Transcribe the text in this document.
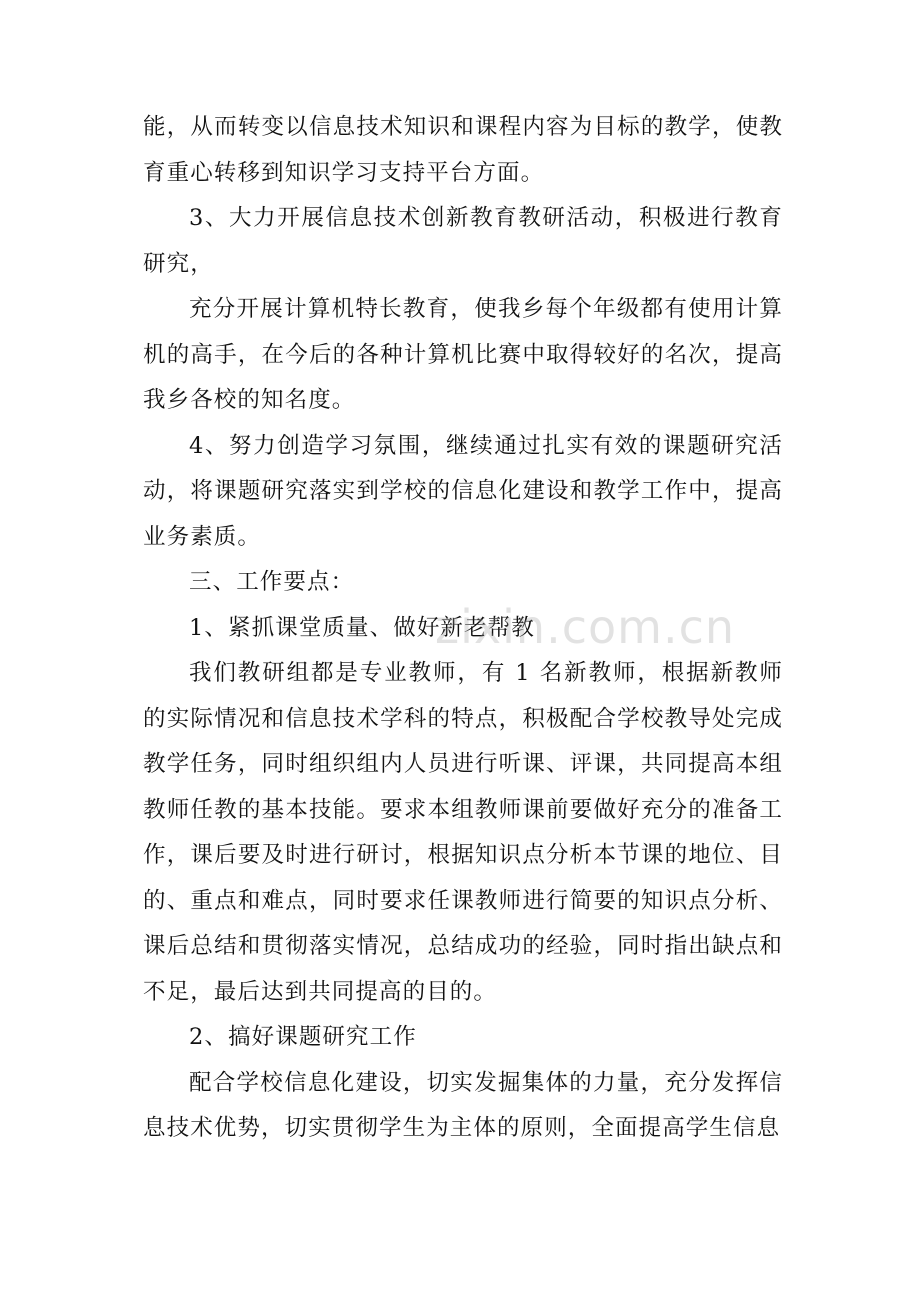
能，从而转变以信息技术知识和课程内容为目标的教学，使教育重心转移到知识学习支持平台方面。

3、大力开展信息技术创新教育教研活动，积极进行教育研究，

充分开展计算机特长教育，使我乡每个年级都有使用计算机的高手，在今后的各种计算机比赛中取得较好的名次，提高我乡各校的知名度。

4、努力创造学习氛围，继续通过扎实有效的课题研究活动，将课题研究落实到学校的信息化建设和教学工作中，提高业务素质。

三、工作要点：

1、紧抓课堂质量、做好新老帮教

我们教研组都是专业教师，有 1 名新教师，根据新教师的实际情况和信息技术学科的特点，积极配合学校教导处完成教学任务，同时组织组内人员进行听课、评课，共同提高本组教师任教的基本技能。要求本组教师课前要做好充分的准备工作，课后要及时进行研讨，根据知识点分析本节课的地位、目的、重点和难点，同时要求任课教师进行简要的知识点分析、课后总结和贯彻落实情况，总结成功的经验，同时指出缺点和不足，最后达到共同提高的目的。

2、搞好课题研究工作

配合学校信息化建设，切实发掘集体的力量，充分发挥信息技术优势，切实贯彻学生为主体的原则，全面提高学生信息

zixin.com.cn
